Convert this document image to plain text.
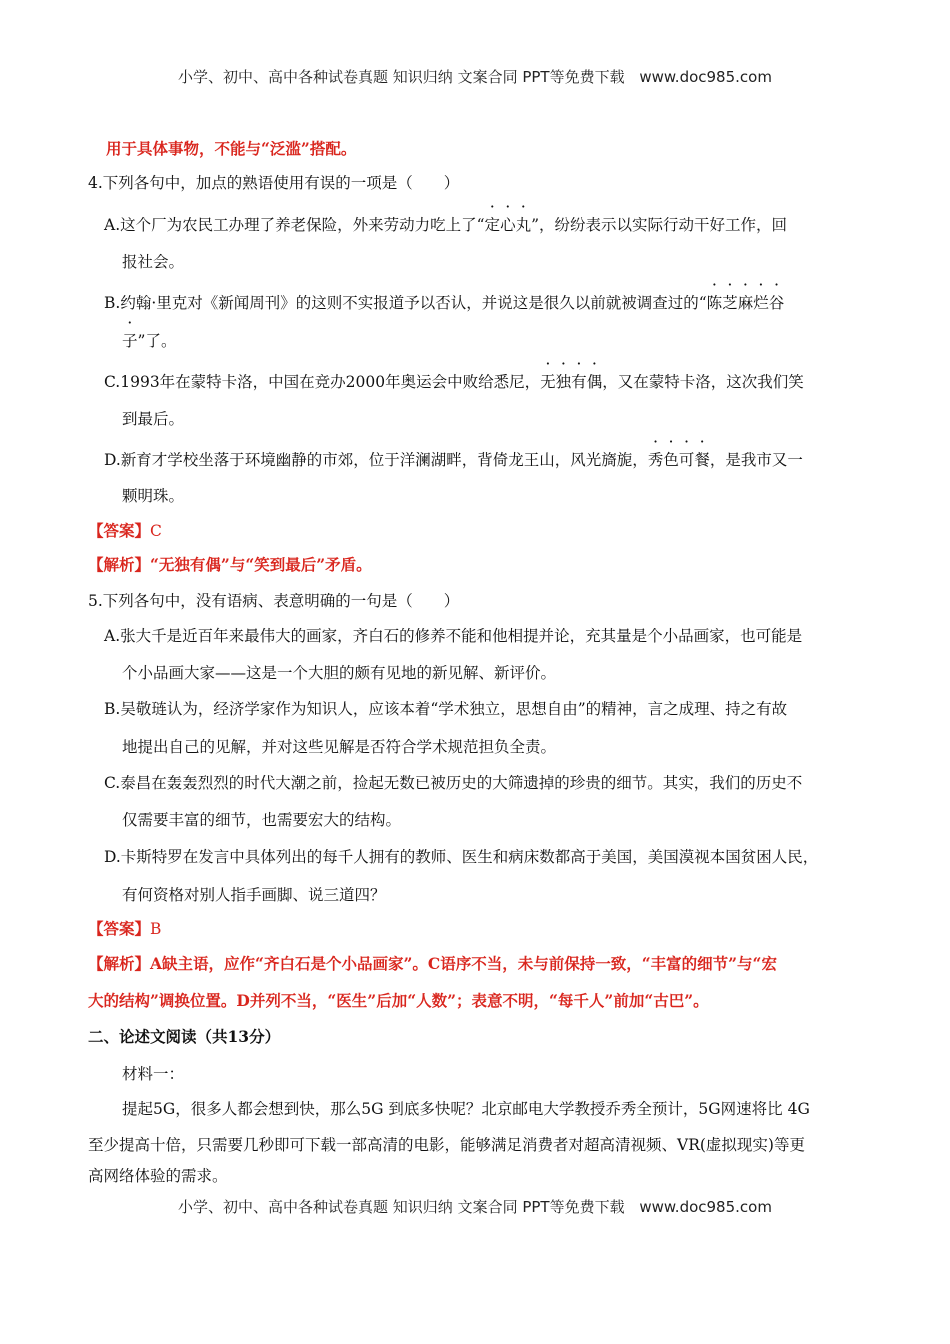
小学、初中、高中各种试卷真题 知识归纳 文案合同 PPT等免费下载 www.doc985.com
用于具体事物，不能与“泛滥”搭配。
4.下列各句中，加点的熟语使用有误的一项是（　　）
A.这个厂为农民工办理了养老保险，外来劳动力吃上了“定心丸”，纷纷表示以实际行动干好工作，回
报社会。
B.约翰·里克对《新闻周刊》的这则不实报道予以否认，并说这是很久以前就被调查过的“陈芝麻烂谷
子”了。
C.1993年在蒙特卡洛，中国在竞办2000年奥运会中败给悉尼，无独有偶，又在蒙特卡洛，这次我们笑
到最后。
D.新育才学校坐落于环境幽静的市郊，位于洋澜湖畔，背倚龙王山，风光旖旎，秀色可餐，是我市又一
颗明珠。
【答案】C
【解析】“无独有偶”与“笑到最后”矛盾。
5.下列各句中，没有语病、表意明确的一句是（　　）
A.张大千是近百年来最伟大的画家，齐白石的修养不能和他相提并论，充其量是个小品画家，也可能是
个小品画大家——这是一个大胆的颇有见地的新见解、新评价。
B.吴敬琏认为，经济学家作为知识人，应该本着“学术独立，思想自由”的精神，言之成理、持之有故
地提出自己的见解，并对这些见解是否符合学术规范担负全责。
C.泰昌在轰轰烈烈的时代大潮之前，捡起无数已被历史的大筛遗掉的珍贵的细节。其实，我们的历史不
仅需要丰富的细节，也需要宏大的结构。
D.卡斯特罗在发言中具体列出的每千人拥有的教师、医生和病床数都高于美国，美国漠视本国贫困人民，
有何资格对别人指手画脚、说三道四？
【答案】B
【解析】A缺主语，应作“齐白石是个小品画家”。C语序不当，未与前保持一致，“丰富的细节”与“宏
大的结构”调换位置。D并列不当，“医生”后加“人数”；表意不明，“每千人”前加“古巴”。
二、论述文阅读（共13分）
材料一：
提起5G，很多人都会想到快，那么5G 到底多快呢？北京邮电大学教授乔秀全预计，5G网速将比 4G
至少提高十倍，只需要几秒即可下载一部高清的电影，能够满足消费者对超高清视频、VR(虚拟现实)等更
高网络体验的需求。
小学、初中、高中各种试卷真题 知识归纳 文案合同 PPT等免费下载 www.doc985.com
